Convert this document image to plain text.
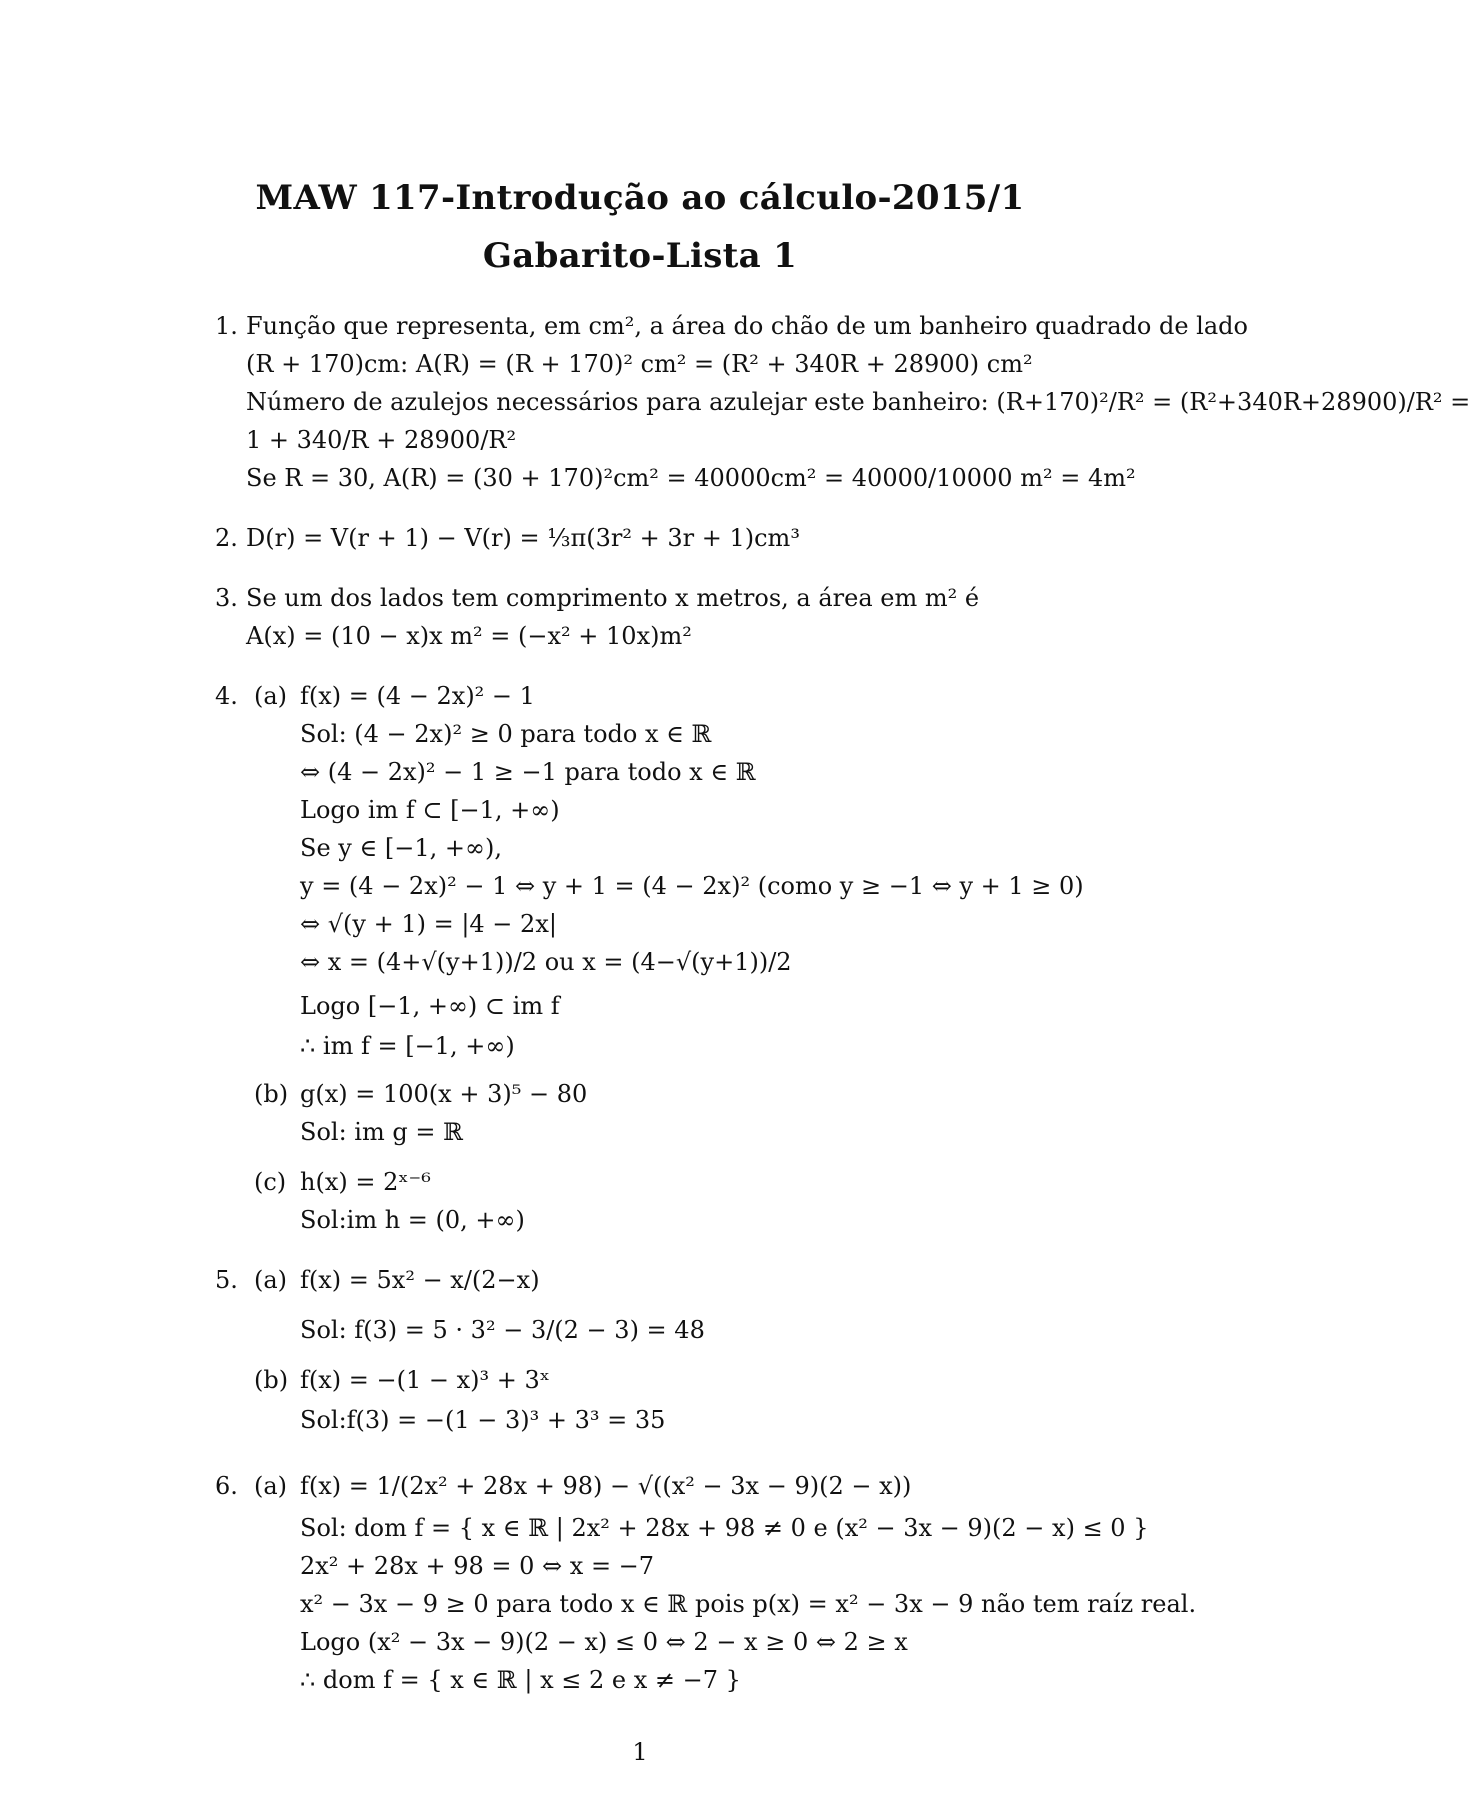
MAW 117-Introdução ao cálculo-2015/1
Gabarito-Lista 1
1. Função que representa, em cm², a área do chão de um banheiro quadrado de lado
(R + 170)cm: A(R) = (R + 170)² cm² = (R² + 340R + 28900) cm²
Número de azulejos necessários para azulejar este banheiro: (R+170)²/R² = (R²+340R+28900)/R² =
1 + 340/R + 28900/R²
Se R = 30, A(R) = (30 + 170)²cm² = 40000cm² = 40000/10000 m² = 4m²
2. D(r) = V(r + 1) − V(r) = ⅓π(3r² + 3r + 1)cm³
3. Se um dos lados tem comprimento x metros, a área em m² é
A(x) = (10 − x)x m² = (−x² + 10x)m²
4. (a) f(x) = (4 − 2x)² − 1
Sol: (4 − 2x)² ≥ 0 para todo x ∈ ℝ
⇔ (4 − 2x)² − 1 ≥ −1 para todo x ∈ ℝ
Logo im f ⊂ [−1, +∞)
Se y ∈ [−1, +∞),
y = (4 − 2x)² − 1 ⇔ y + 1 = (4 − 2x)² (como y ≥ −1 ⇔ y + 1 ≥ 0)
⇔ √(y + 1) = |4 − 2x|
⇔ x = (4+√(y+1))/2 ou x = (4−√(y+1))/2
Logo [−1, +∞) ⊂ im f
∴ im f = [−1, +∞)
(b) g(x) = 100(x + 3)⁵ − 80
Sol: im g = ℝ
(c) h(x) = 2ˣ⁻⁶
Sol:im h = (0, +∞)
5. (a) f(x) = 5x² − x/(2−x)
Sol: f(3) = 5 · 3² − 3/(2 − 3) = 48
(b) f(x) = −(1 − x)³ + 3ˣ
Sol:f(3) = −(1 − 3)³ + 3³ = 35
6. (a) f(x) = 1/(2x² + 28x + 98) − √((x² − 3x − 9)(2 − x))
Sol: dom f = { x ∈ ℝ | 2x² + 28x + 98 ≠ 0 e (x² − 3x − 9)(2 − x) ≤ 0 }
2x² + 28x + 98 = 0 ⇔ x = −7
x² − 3x − 9 ≥ 0 para todo x ∈ ℝ pois p(x) = x² − 3x − 9 não tem raíz real.
Logo (x² − 3x − 9)(2 − x) ≤ 0 ⇔ 2 − x ≥ 0 ⇔ 2 ≥ x
∴ dom f = { x ∈ ℝ | x ≤ 2 e x ≠ −7 }
1
